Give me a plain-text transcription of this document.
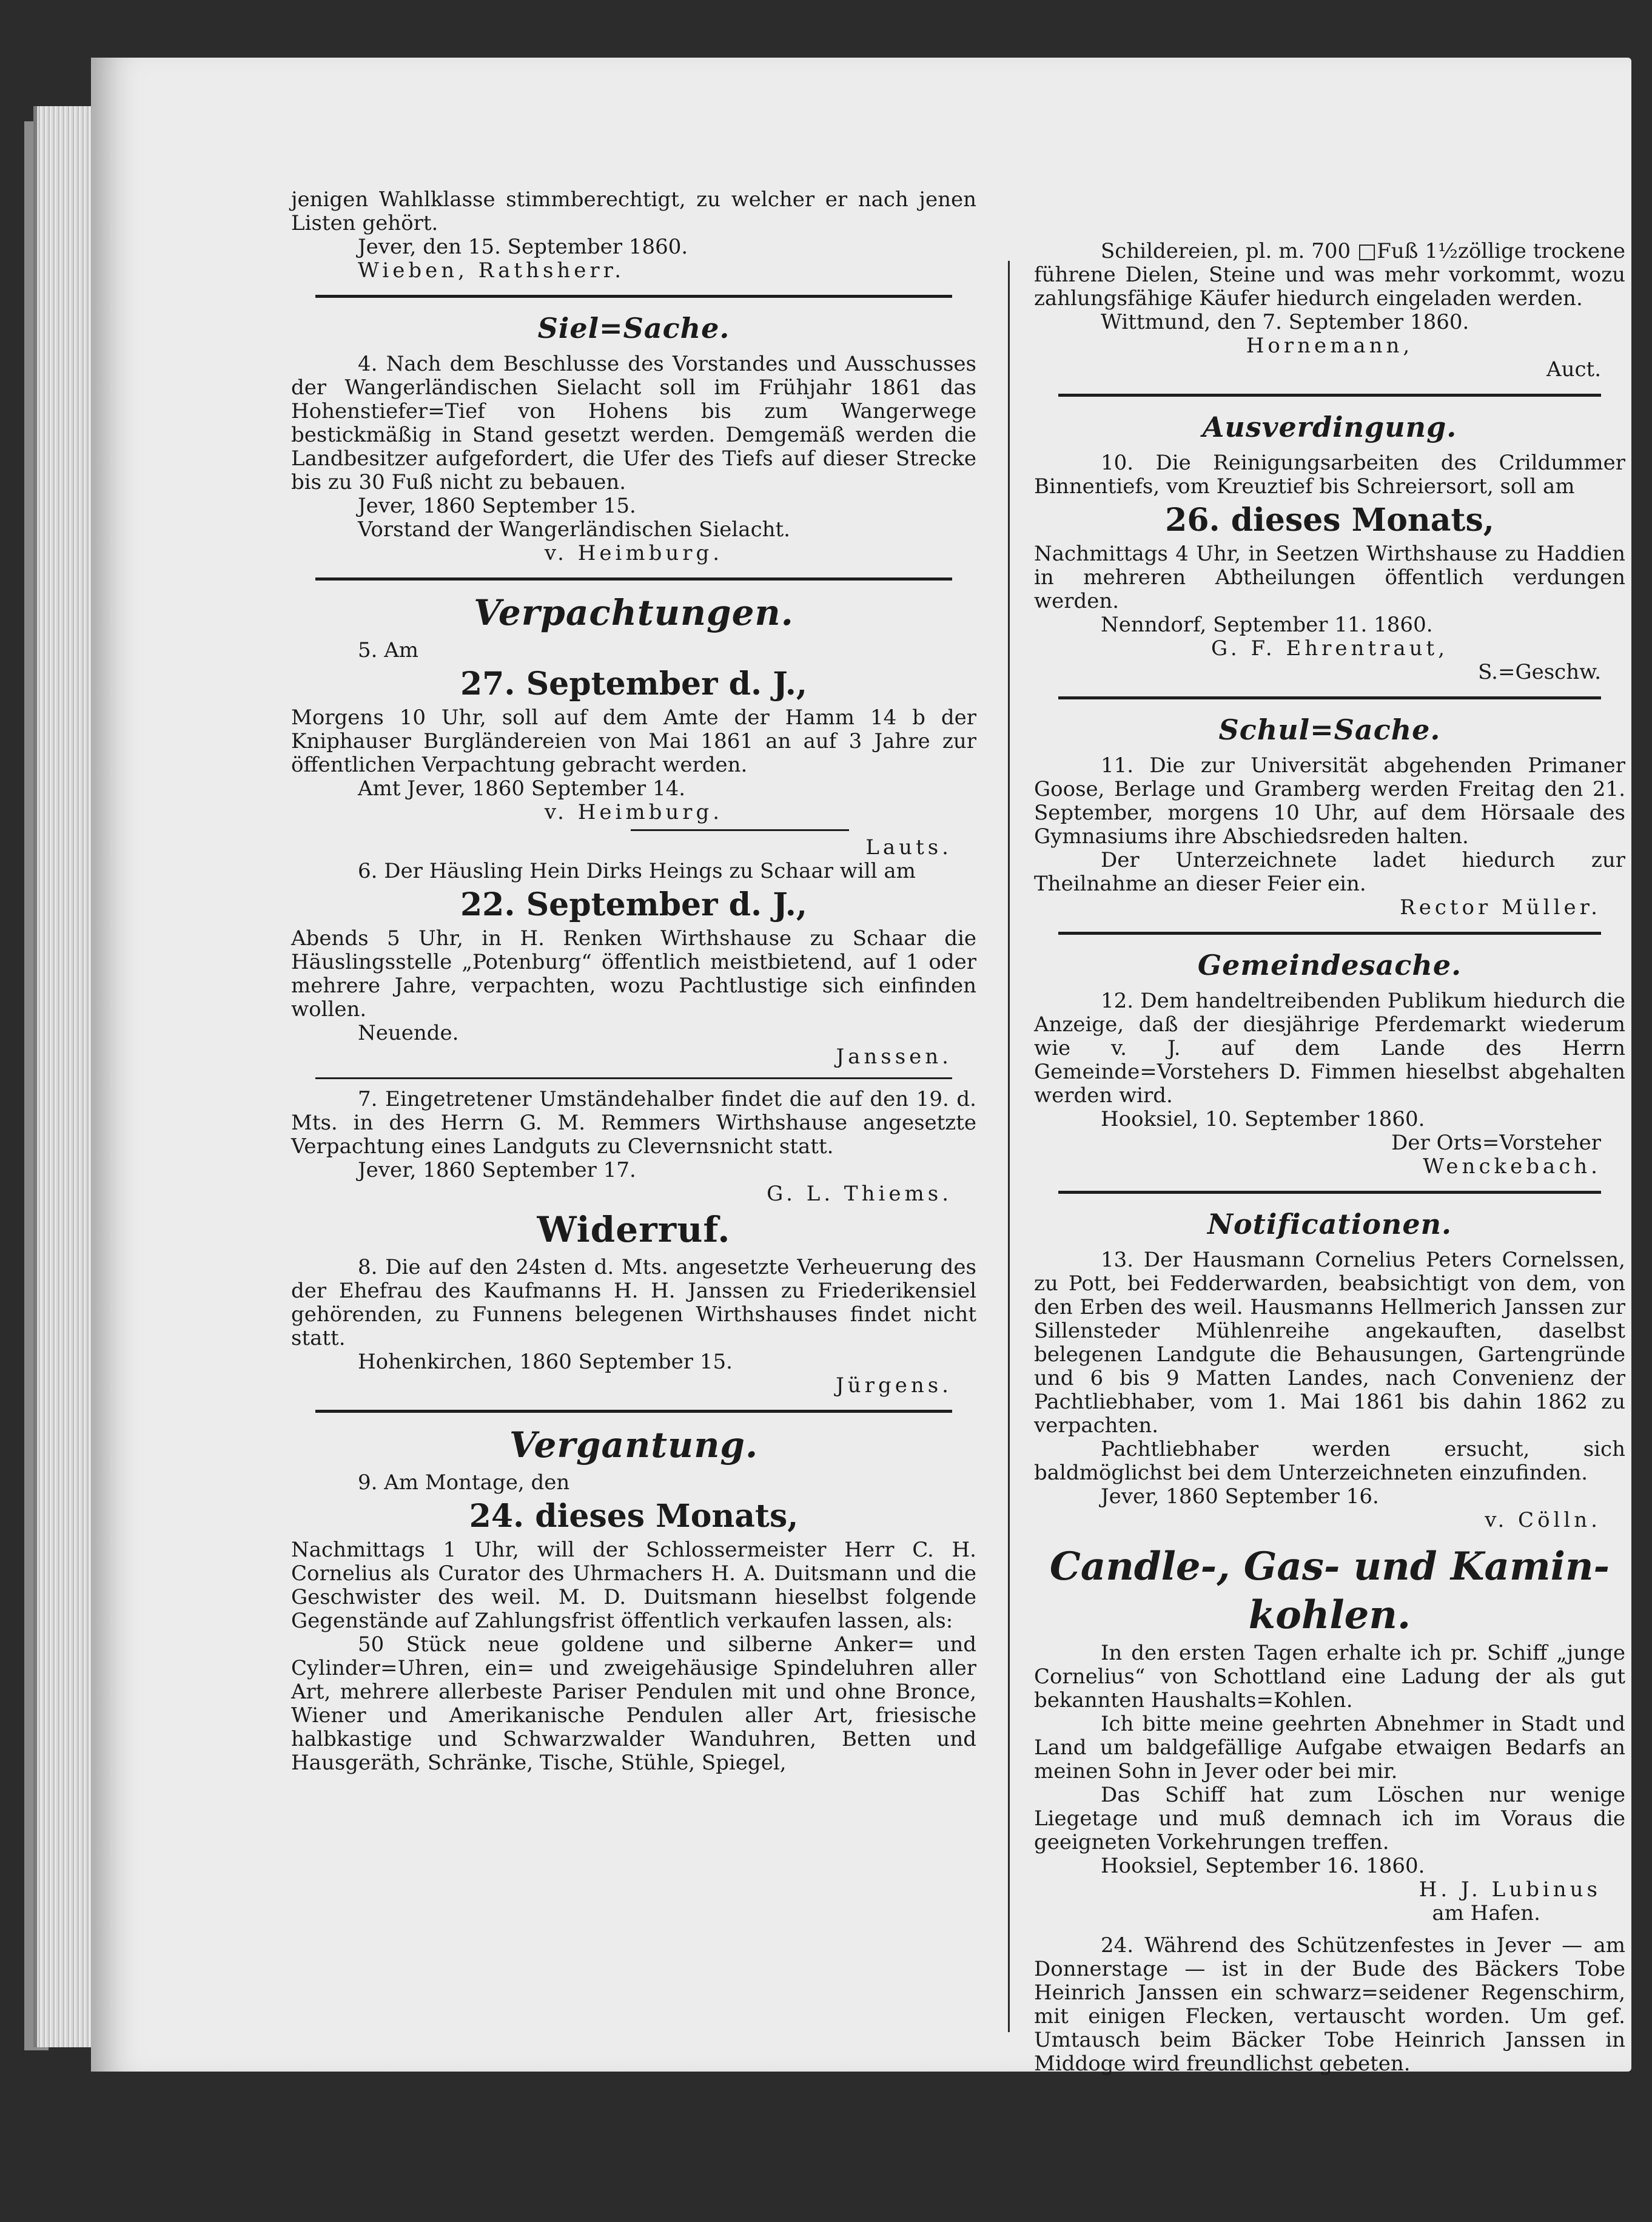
jenigen Wahlklasse stimmberechtigt, zu welcher er nach jenen Listen gehört.

Jever, den 15. September 1860.

Wieben, Rathsherr.

Siel=Sache.

4. Nach dem Beschlusse des Vorstandes und Ausschusses der Wangerländischen Sielacht soll im Frühjahr 1861 das Hohenstiefer=Tief von Hohens bis zum Wangerwege bestickmäßig in Stand gesetzt werden. Demgemäß werden die Landbesitzer aufgefordert, die Ufer des Tiefs auf dieser Strecke bis zu 30 Fuß nicht zu bebauen.

Jever, 1860 September 15.

Vorstand der Wangerländischen Sielacht.

v. Heimburg.

Verpachtungen.

5. Am

27. September d. J.,

Morgens 10 Uhr, soll auf dem Amte der Hamm 14 b der Kniphauser Burgländereien von Mai 1861 an auf 3 Jahre zur öffentlichen Verpachtung gebracht werden.

Amt Jever, 1860 September 14.

v. Heimburg.

Lauts.

6. Der Häusling Hein Dirks Heings zu Schaar will am

22. September d. J.,

Abends 5 Uhr, in H. Renken Wirthshause zu Schaar die Häuslingsstelle „Potenburg“ öffentlich meistbietend, auf 1 oder mehrere Jahre, verpachten, wozu Pachtlustige sich einfinden wollen.

Neuende.

Janssen.

7. Eingetretener Umständehalber findet die auf den 19. d. Mts. in des Herrn G. M. Remmers Wirthshause angesetzte Verpachtung eines Landguts zu Clevernsnicht statt.

Jever, 1860 September 17.

G. L. Thiems.

Widerruf.

8. Die auf den 24sten d. Mts. angesetzte Verheuerung des der Ehefrau des Kaufmanns H. H. Janssen zu Friederikensiel gehörenden, zu Funnens belegenen Wirthshauses findet nicht statt.

Hohenkirchen, 1860 September 15.

Jürgens.

Vergantung.

9. Am Montage, den

24. dieses Monats,

Nachmittags 1 Uhr, will der Schlossermeister Herr C. H. Cornelius als Curator des Uhrmachers H. A. Duitsmann und die Geschwister des weil. M. D. Duitsmann hieselbst folgende Gegenstände auf Zahlungsfrist öffentlich verkaufen lassen, als:

50 Stück neue goldene und silberne Anker= und Cylinder=Uhren, ein= und zweigehäusige Spindeluhren aller Art, mehrere allerbeste Pariser Pendulen mit und ohne Bronce, Wiener und Amerikanische Pendulen aller Art, friesische halbkastige und Schwarzwalder Wanduhren, Betten und Hausgeräth, Schränke, Tische, Stühle, Spiegel,

Schildereien, pl. m. 700 □Fuß 1½zöllige trockene führene Dielen, Steine und was mehr vorkommt, wozu zahlungsfähige Käufer hiedurch eingeladen werden.

Wittmund, den 7. September 1860.

Hornemann,

Auct.

Ausverdingung.

10. Die Reinigungsarbeiten des Crildummer Binnentiefs, vom Kreuztief bis Schreiersort, soll am

26. dieses Monats,

Nachmittags 4 Uhr, in Seetzen Wirthshause zu Haddien in mehreren Abtheilungen öffentlich verdungen werden.

Nenndorf, September 11. 1860.

G. F. Ehrentraut,

S.=Geschw.

Schul=Sache.

11. Die zur Universität abgehenden Primaner Goose, Berlage und Gramberg werden Freitag den 21. September, morgens 10 Uhr, auf dem Hörsaale des Gymnasiums ihre Abschiedsreden halten.

Der Unterzeichnete ladet hiedurch zur Theilnahme an dieser Feier ein.

Rector Müller.

Gemeindesache.

12. Dem handeltreibenden Publikum hiedurch die Anzeige, daß der diesjährige Pferdemarkt wiederum wie v. J. auf dem Lande des Herrn Gemeinde=Vorstehers D. Fimmen hieselbst abgehalten werden wird.

Hooksiel, 10. September 1860.

Der Orts=Vorsteher

Wenckebach.

Notificationen.

13. Der Hausmann Cornelius Peters Cornelssen, zu Pott, bei Fedderwarden, beabsichtigt von dem, von den Erben des weil. Hausmanns Hellmerich Janssen zur Sillensteder Mühlenreihe angekauften, daselbst belegenen Landgute die Behausungen, Gartengründe und 6 bis 9 Matten Landes, nach Convenienz der Pachtliebhaber, vom 1. Mai 1861 bis dahin 1862 zu verpachten.

Pachtliebhaber werden ersucht, sich baldmöglichst bei dem Unterzeichneten einzufinden.

Jever, 1860 September 16.

v. Cölln.

Candle-, Gas- und Kamin-
kohlen.

In den ersten Tagen erhalte ich pr. Schiff „junge Cornelius“ von Schottland eine Ladung der als gut bekannten Haushalts=Kohlen.

Ich bitte meine geehrten Abnehmer in Stadt und Land um baldgefällige Aufgabe etwaigen Bedarfs an meinen Sohn in Jever oder bei mir.

Das Schiff hat zum Löschen nur wenige Liegetage und muß demnach ich im Voraus die geeigneten Vorkehrungen treffen.

Hooksiel, September 16. 1860.

H. J. Lubinus

am Hafen.

24. Während des Schützenfestes in Jever — am Donnerstage — ist in der Bude des Bäckers Tobe Heinrich Janssen ein schwarz=seidener Regenschirm, mit einigen Flecken, vertauscht worden. Um gef. Umtausch beim Bäcker Tobe Heinrich Janssen in Middoge wird freundlichst gebeten.
